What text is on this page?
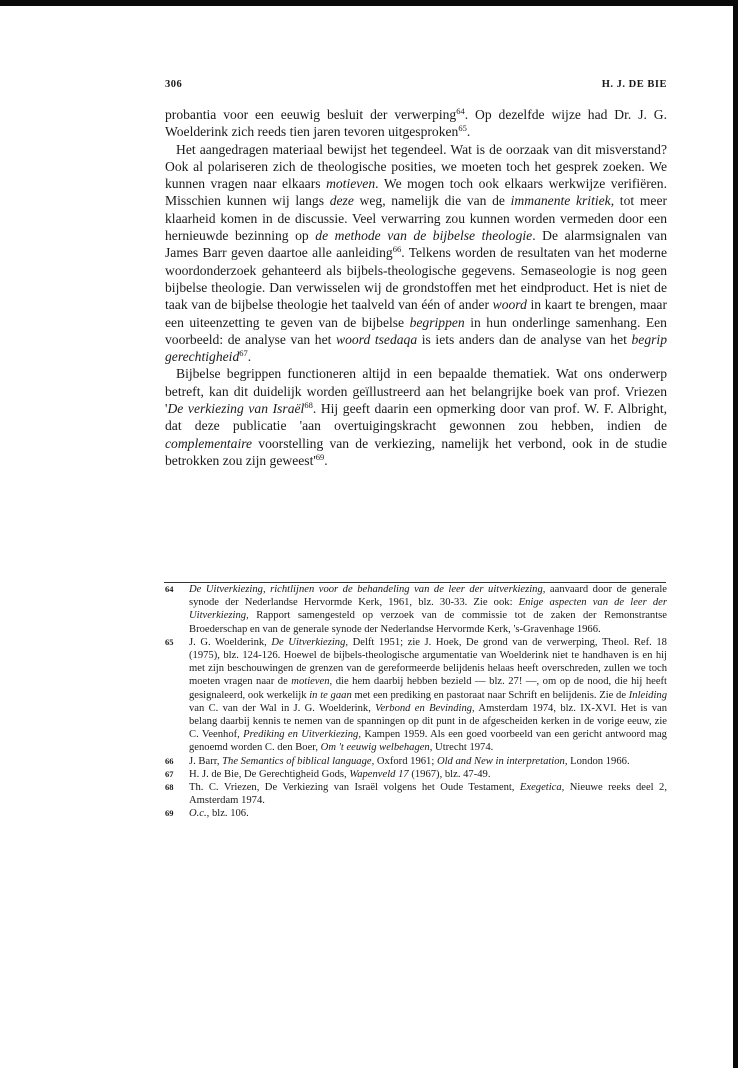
306	H. J. DE BIE

probantia voor een eeuwig besluit der verwerping$^{64}$. Op dezelfde wijze had Dr. J. G. Woelderink zich reeds tien jaren tevoren uitgesproken$^{65}$.

Het aangedragen materiaal bewijst het tegendeel. Wat is de oorzaak van dit misverstand? Ook al polariseren zich de theologische posities, we moeten toch het gesprek zoeken. We kunnen vragen naar elkaars motieven. We mogen toch ook elkaars werkwijze verifiëren. Misschien kunnen wij langs deze weg, namelijk die van de immanente kritiek, tot meer klaarheid komen in de discussie. Veel verwarring zou kunnen worden vermeden door een hernieuwde bezinning op de methode van de bijbelse theologie. De alarmsignalen van James Barr geven daartoe alle aanleiding$^{66}$. Telkens worden de resultaten van het moderne woordonderzoek gehanteerd als bijbels-theologische gegevens. Semaseologie is nog geen bijbelse theologie. Dan verwisselen wij de grondstoffen met het eindproduct. Het is niet de taak van de bijbelse theologie het taalveld van één of ander woord in kaart te brengen, maar een uiteenzetting te geven van de bijbelse begrippen in hun onderlinge samenhang. Een voorbeeld: de analyse van het woord tsedaqa is iets anders dan de analyse van het begrip gerechtigheid$^{67}$.

Bijbelse begrippen functioneren altijd in een bepaalde thematiek. Wat ons onderwerp betreft, kan dit duidelijk worden geïllustreerd aan het belangrijke boek van prof. Vriezen 'De verkiezing van Israël$^{68}$. Hij geeft daarin een opmerking door van prof. W. F. Albright, dat deze publicatie 'aan overtuigingskracht gewonnen zou hebben, indien de complementaire voorstelling van de verkiezing, namelijk het verbond, ook in de studie betrokken zou zijn $geweest'^{69}$.

64 De Uitverkiezing, richtlijnen voor de behandeling van de leer der uitverkiezing, aanvaard door de generale synode der Nederlandse Hervormde Kerk, 1961, blz. 30-33. Zie ook: Enige aspecten van de leer der Uitverkiezing, Rapport samengesteld op verzoek van de commissie tot de zaken der Remonstrantse Broederschap en van de generale synode der Nederlandse Hervormde Kerk, 's-Gravenhage 1966.

65 J. G. Woelderink, De Uitverkiezing, Delft 1951; zie J. Hoek, De grond van de verwerping, Theol. Ref. 18 (1975), blz. 124-126. Hoewel de bijbels-theologische argumentatie van Woelderink niet te handhaven is en hij met zijn beschouwingen de grenzen van de gereformeerde belijdenis helaas heeft overschreden, zullen we toch moeten vragen naar de motieven, die hem daarbij hebben bezield — blz. 27! —, om op de nood, die hij heeft gesignaleerd, ook werkelijk in te gaan met een prediking en pastoraat naar Schrift en belijdenis. Zie de Inleiding van C. van der Wal in J. G. Woelderink, Verbond en Bevinding, Amsterdam 1974, blz. IX-XVI. Het is van belang daarbij kennis te nemen van de spanningen op dit punt in de afgescheiden kerken in de vorige eeuw, zie C. Veenhof, Prediking en Uitverkiezing, Kampen 1959. Als een goed voorbeeld van een gericht antwoord mag genoemd worden C. den Boer, Om 't eeuwig welbehagen, Utrecht 1974.

66 J. Barr, The Semantics of biblical language, Oxford 1961; Old and New in interpretation, London 1966.

67 H. J. de Bie, De Gerechtigheid Gods, Wapenveld 17 (1967), blz. 47-49.

68 Th. C. Vriezen, De Verkiezing van Israël volgens het Oude Testament, Exegetica, Nieuwe reeks deel 2, Amsterdam 1974.

69 O.c., blz. 106.
